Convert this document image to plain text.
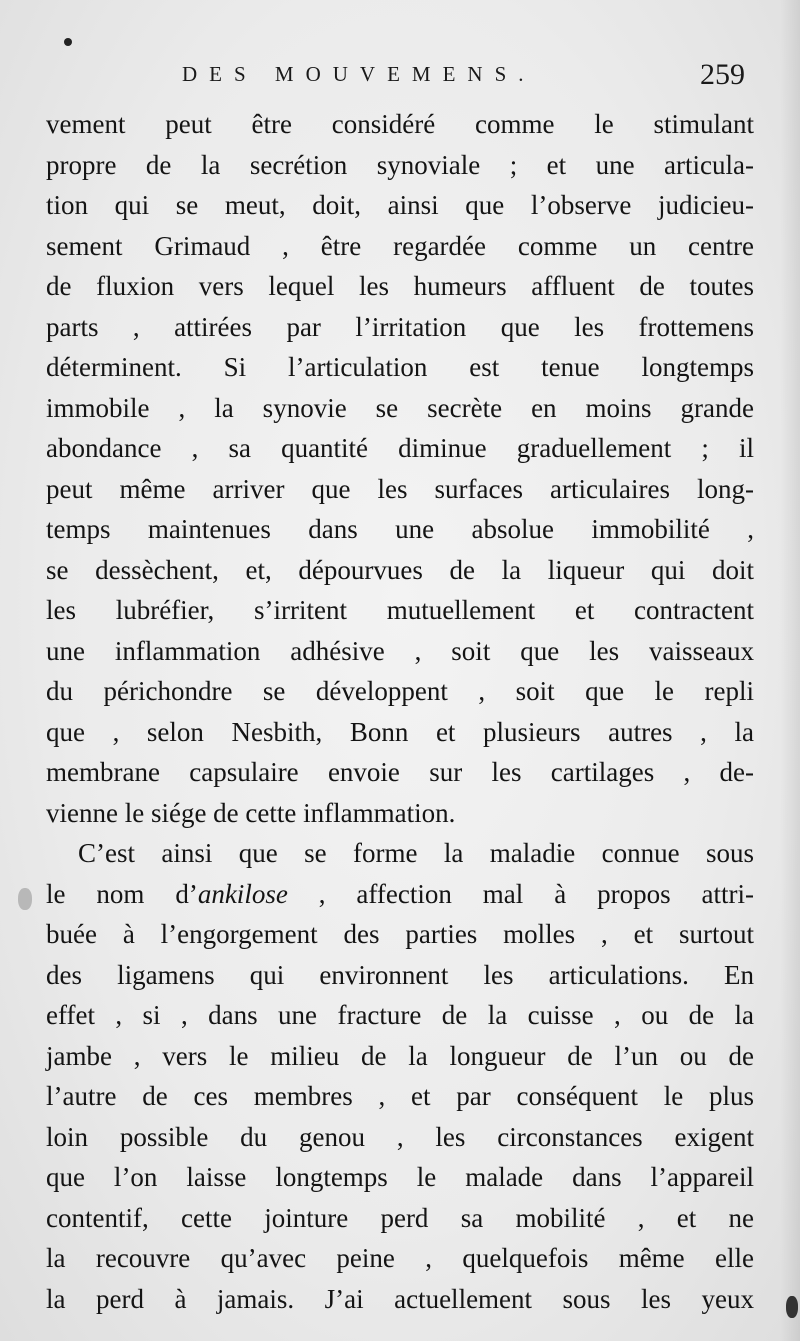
DES MOUVEMENS.	259
vement peut être considéré comme le stimulant
propre de la secrétion synoviale ; et une articula-
tion qui se meut, doit, ainsi que l’observe judicieu-
sement Grimaud , être regardée comme un centre
de fluxion vers lequel les humeurs affluent de toutes
parts , attirées par l’irritation que les frottemens
déterminent. Si l’articulation est tenue longtemps
immobile , la synovie se secrète en moins grande
abondance , sa quantité diminue graduellement ; il
peut même arriver que les surfaces articulaires long-
temps maintenues dans une absolue immobilité ,
se dessèchent, et, dépourvues de la liqueur qui doit
les lubréfier, s’irritent mutuellement et contractent
une inflammation adhésive , soit que les vaisseaux
du périchondre se développent , soit que le repli
que , selon Nesbith, Bonn et plusieurs autres , la
membrane capsulaire envoie sur les cartilages , de-
vienne le siége de cette inflammation.
C’est ainsi que se forme la maladie connue sous
le nom d’ankilose , affection mal à propos attri-
buée à l’engorgement des parties molles , et surtout
des ligamens qui environnent les articulations. En
effet , si , dans une fracture de la cuisse , ou de la
jambe , vers le milieu de la longueur de l’un ou de
l’autre de ces membres , et par conséquent le plus
loin possible du genou , les circonstances exigent
que l’on laisse longtemps le malade dans l’appareil
contentif, cette jointure perd sa mobilité , et ne
la recouvre qu’avec peine , quelquefois même elle
la perd à jamais. J’ai actuellement sous les yeux
